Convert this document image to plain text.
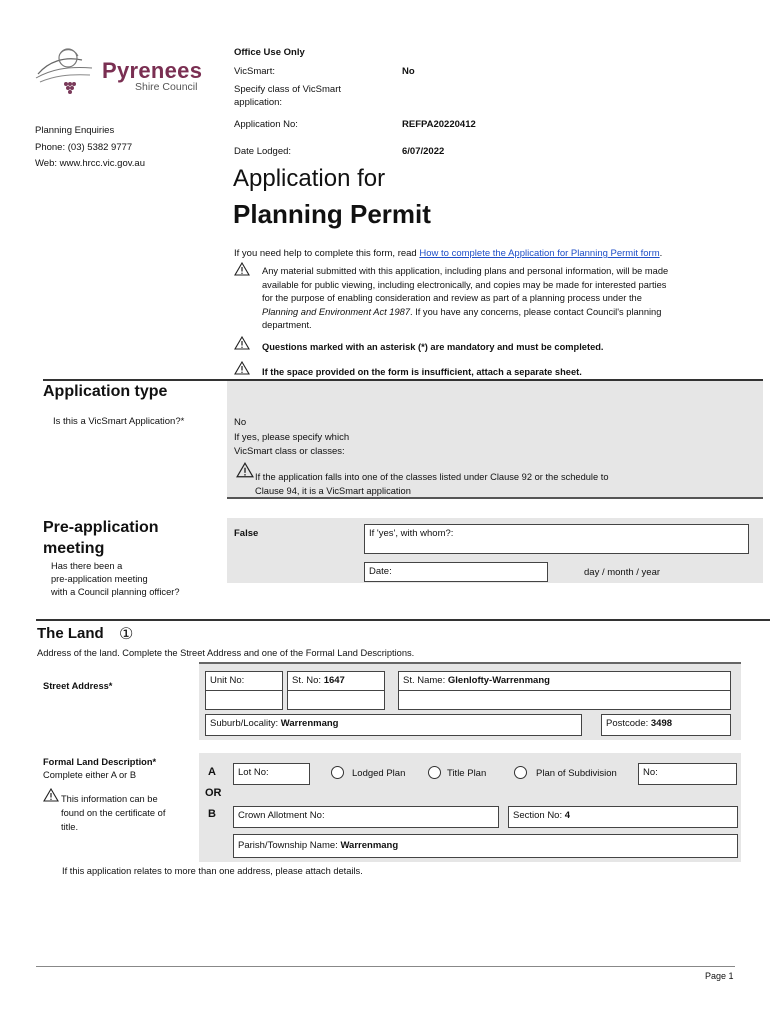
Pyrenees
Shire Council
Planning Enquiries
Phone: (03) 5382 9777
Web: www.hrcc.vic.gov.au
Office Use Only
VicSmart:	No
Specify class of VicSmart
application:
Application No:	REFPA20220412
Date Lodged:	6/07/2022
Application for
Planning Permit
If you need help to complete this form, read How to complete the Application for Planning Permit form.
Any material submitted with this application, including plans and personal information, will be made
available for public viewing, including electronically, and copies may be made for interested parties
for the purpose of enabling consideration and review as part of a planning process under the
Planning and Environment Act 1987. If you have any concerns, please contact Council's planning
department.
Questions marked with an asterisk (*) are mandatory and must be completed.
If the space provided on the form is insufficient, attach a separate sheet.
Application type
Is this a VicSmart Application?*	No
If yes, please specify which
VicSmart class or classes:
If the application falls into one of the classes listed under Clause 92 or the schedule to
Clause 94, it is a VicSmart application
Pre-application
meeting
Has there been a
pre-application meeting
with a Council planning officer?
False	If 'yes', with whom?:
Date:	day / month / year
The Land ①
Address of the land. Complete the Street Address and one of the Formal Land Descriptions.
Street Address*	Unit No:	St. No: 1647	St. Name: Glenlofty-Warrenmang
Suburb/Locality: Warrenmang	Postcode: 3498
Formal Land Description*
Complete either A or B
This information can be
found on the certificate of
title.
A
OR
B
Lot No:	Lodged Plan	Title Plan	Plan of Subdivision	No:
Crown Allotment No:	Section No: 4
Parish/Township Name: Warrenmang
If this application relates to more than one address, please attach details.
Page 1
